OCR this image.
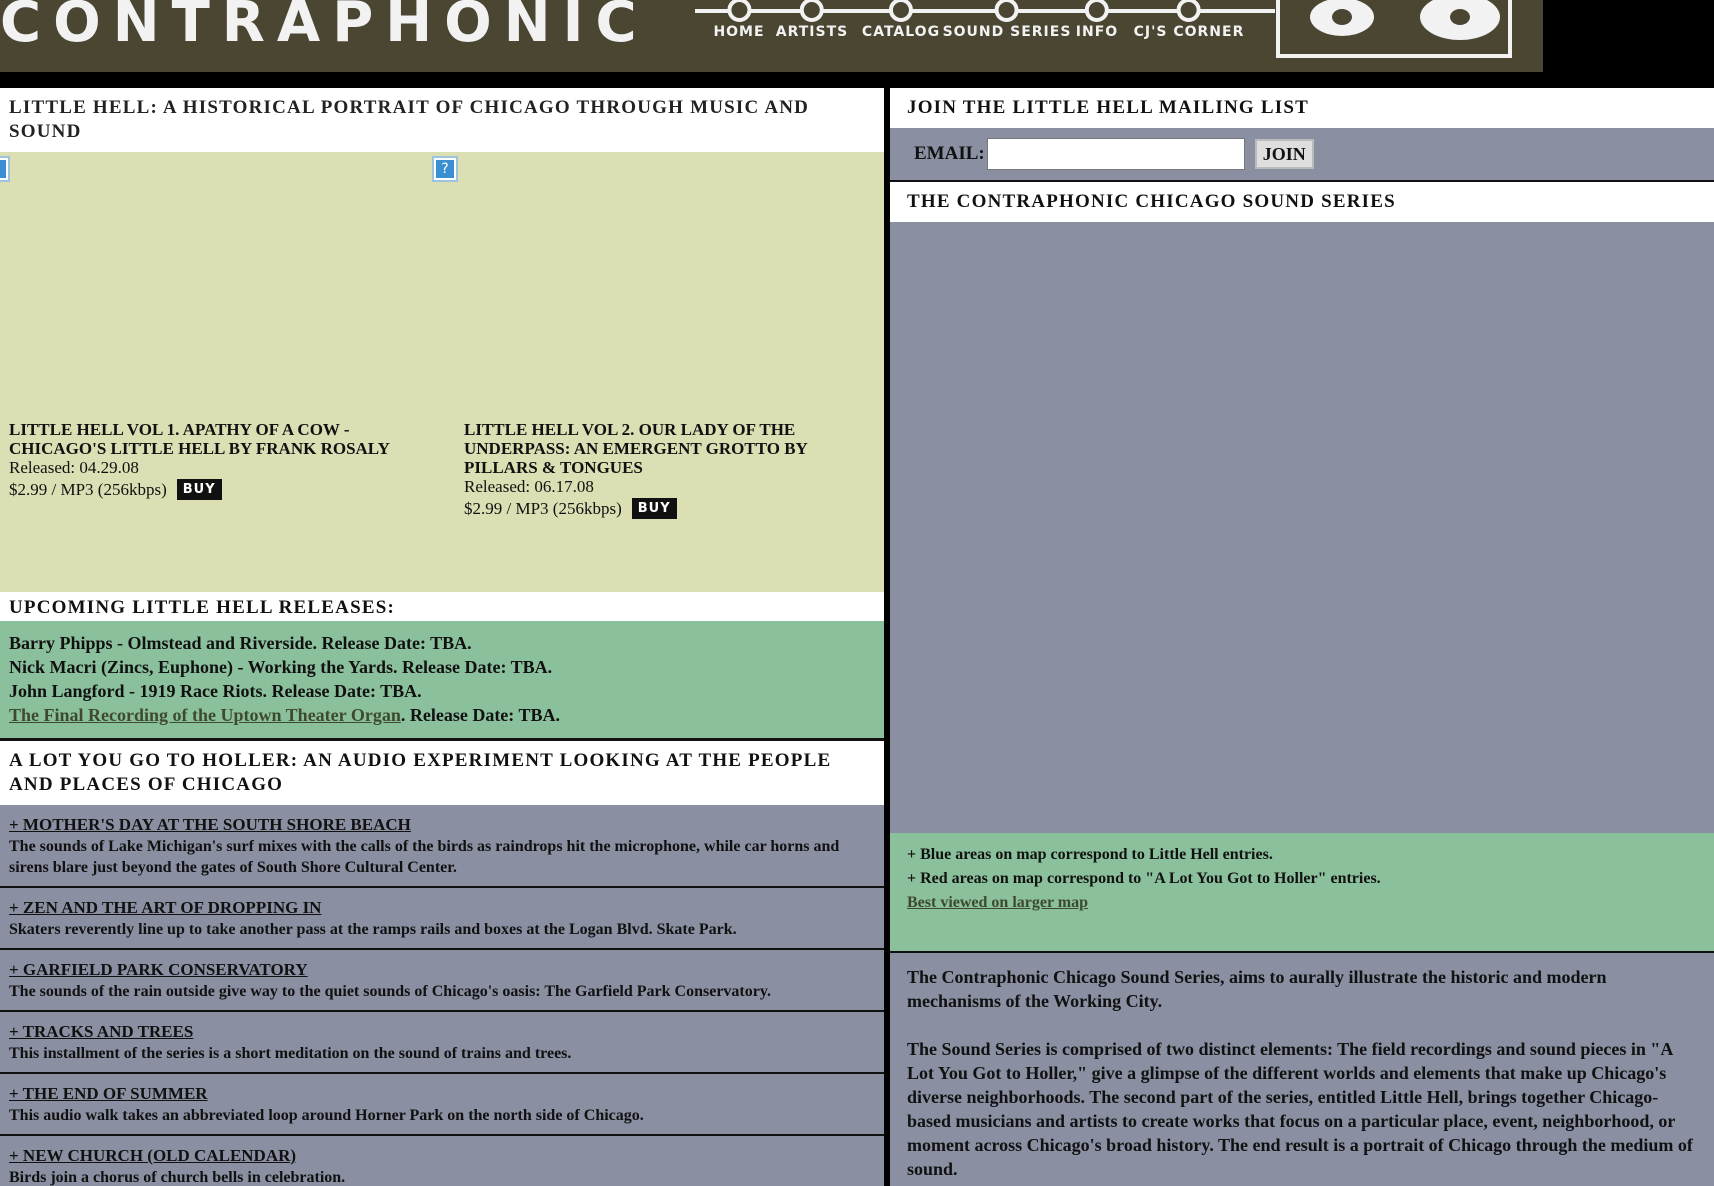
CONTRAPHONIC	HOME ARTISTS CATALOG SOUND SERIES INFO CJ'S CORNER
LITTLE HELL: A HISTORICAL PORTRAIT OF CHICAGO THROUGH MUSIC AND SOUND
?
LITTLE HELL VOL 1. APATHY OF A COW - CHICAGO'S LITTLE HELL BY FRANK ROSALY
Released: 04.29.08
$2.99 / MP3 (256kbps) BUY
LITTLE HELL VOL 2. OUR LADY OF THE UNDERPASS: AN EMERGENT GROTTO BY PILLARS & TONGUES
Released: 06.17.08
$2.99 / MP3 (256kbps) BUY
UPCOMING LITTLE HELL RELEASES:
Barry Phipps - Olmstead and Riverside. Release Date: TBA.
Nick Macri (Zincs, Euphone) - Working the Yards. Release Date: TBA.
John Langford - 1919 Race Riots. Release Date: TBA.
The Final Recording of the Uptown Theater Organ. Release Date: TBA.
A LOT YOU GO TO HOLLER: AN AUDIO EXPERIMENT LOOKING AT THE PEOPLE AND PLACES OF CHICAGO
+ MOTHER'S DAY AT THE SOUTH SHORE BEACH
The sounds of Lake Michigan's surf mixes with the calls of the birds as raindrops hit the microphone, while car horns and sirens blare just beyond the gates of South Shore Cultural Center.
+ ZEN AND THE ART OF DROPPING IN
Skaters reverently line up to take another pass at the ramps rails and boxes at the Logan Blvd. Skate Park.
+ GARFIELD PARK CONSERVATORY
The sounds of the rain outside give way to the quiet sounds of Chicago's oasis: The Garfield Park Conservatory.
+ TRACKS AND TREES
This installment of the series is a short meditation on the sound of trains and trees.
+ THE END OF SUMMER
This audio walk takes an abbreviated loop around Horner Park on the north side of Chicago.
+ NEW CHURCH (OLD CALENDAR)
Birds join a chorus of church bells in celebration.
JOIN THE LITTLE HELL MAILING LIST
EMAIL:	JOIN
THE CONTRAPHONIC CHICAGO SOUND SERIES
+ Blue areas on map correspond to Little Hell entries.
+ Red areas on map correspond to "A Lot You Got to Holler" entries.
Best viewed on larger map

The Contraphonic Chicago Sound Series, aims to aurally illustrate the historic and modern mechanisms of the Working City.

The Sound Series is comprised of two distinct elements: The field recordings and sound pieces in "A Lot You Got to Holler," give a glimpse of the different worlds and elements that make up Chicago's diverse neighborhoods. The second part of the series, entitled Little Hell, brings together Chicago-based musicians and artists to create works that focus on a particular place, event, neighborhood, or moment across Chicago's broad history. The end result is a portrait of Chicago through the medium of sound.
